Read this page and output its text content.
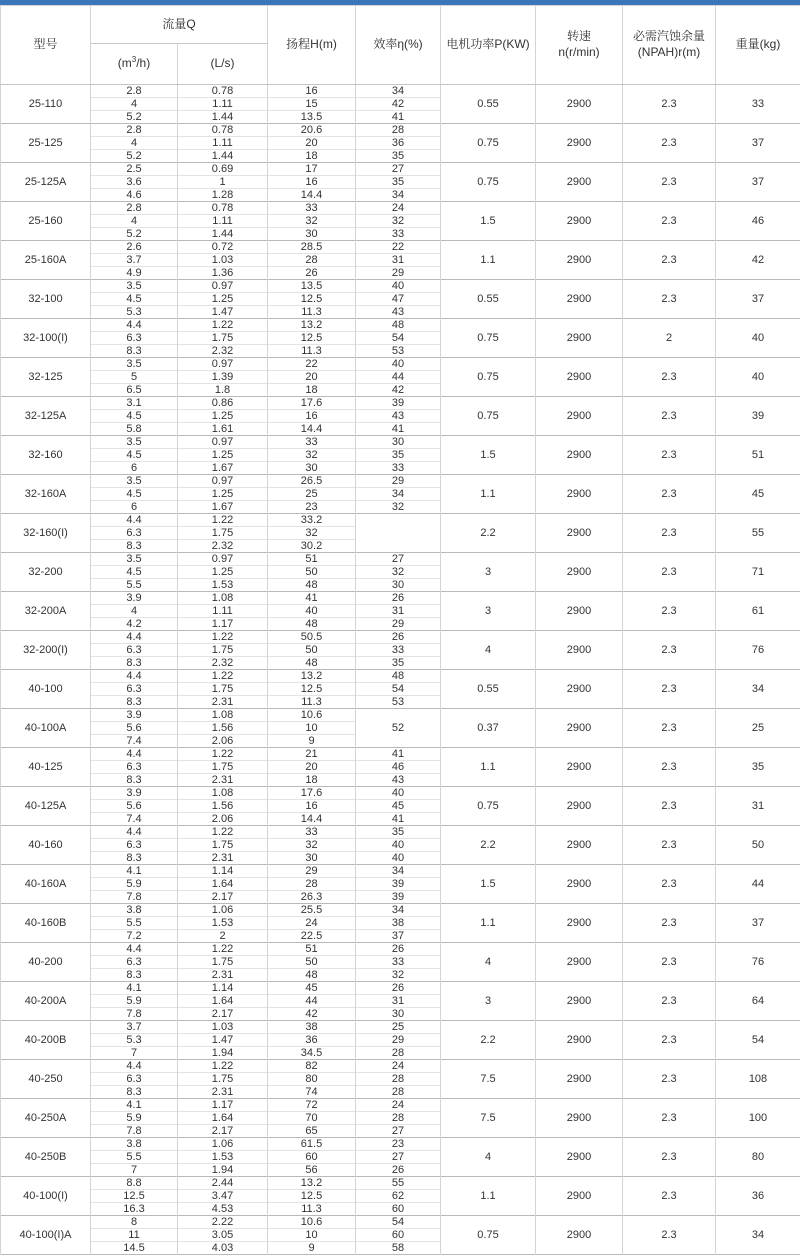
型号	流量Q		扬程H(m)	效率η(%)	电机功率P(KW)	转速
n(r/min)	必需汽蚀余量
(NPAH)r(m)	重量(kg)
	$(m^3/h)$	(L/s)						
25-110	2.8	0.78	16	34	0.55	2900	2.3	33
	4	1.11	15	42				
	5.2	1.44	13.5	41				
25-125	2.8	0.78	20.6	28	0.75	2900	2.3	37
	4	1.11	20	36				
	5.2	1.44	18	35				
25-125A	2.5	0.69	17	27	0.75	2900	2.3	37
	3.6	1	16	35				
	4.6	1.28	14.4	34				
25-160	2.8	0.78	33	24	1.5	2900	2.3	46
	4	1.11	32	32				
	5.2	1.44	30	33				
25-160A	2.6	0.72	28.5	22	1.1	2900	2.3	42
	3.7	1.03	28	31				
	4.9	1.36	26	29				
32-100	3.5	0.97	13.5	40	0.55	2900	2.3	37
	4.5	1.25	12.5	47				
	5.3	1.47	11.3	43				
32-100(I)	4.4	1.22	13.2	48	0.75	2900	2	40
	6.3	1.75	12.5	54				
	8.3	2.32	11.3	53				
32-125	3.5	0.97	22	40	0.75	2900	2.3	40
	5	1.39	20	44				
	6.5	1.8	18	42				
32-125A	3.1	0.86	17.6	39	0.75	2900	2.3	39
	4.5	1.25	16	43				
	5.8	1.61	14.4	41				
32-160	3.5	0.97	33	30	1.5	2900	2.3	51
	4.5	1.25	32	35				
	6	1.67	30	33				
32-160A	3.5	0.97	26.5	29	1.1	2900	2.3	45
	4.5	1.25	25	34				
	6	1.67	23	32				
32-160(I)	4.4	1.22	33.2		2.2	2900	2.3	55
	6.3	1.75	32					
	8.3	2.32	30.2					
32-200	3.5	0.97	51	27	3	2900	2.3	71
	4.5	1.25	50	32				
	5.5	1.53	48	30				
32-200A	3.9	1.08	41	26	3	2900	2.3	61
	4	1.11	40	31				
	4.2	1.17	48	29				
32-200(I)	4.4	1.22	50.5	26	4	2900	2.3	76
	6.3	1.75	50	33				
	8.3	2.32	48	35				
40-100	4.4	1.22	13.2	48	0.55	2900	2.3	34
	6.3	1.75	12.5	54				
	8.3	2.31	11.3	53				
40-100A	3.9	1.08	10.6	52	0.37	2900	2.3	25
	5.6	1.56	10					
	7.4	2.06	9					
40-125	4.4	1.22	21	41	1.1	2900	2.3	35
	6.3	1.75	20	46				
	8.3	2.31	18	43				
40-125A	3.9	1.08	17.6	40	0.75	2900	2.3	31
	5.6	1.56	16	45				
	7.4	2.06	14.4	41				
40-160	4.4	1.22	33	35	2.2	2900	2.3	50
	6.3	1.75	32	40				
	8.3	2.31	30	40				
40-160A	4.1	1.14	29	34	1.5	2900	2.3	44
	5.9	1.64	28	39				
	7.8	2.17	26.3	39				
40-160B	3.8	1.06	25.5	34	1.1	2900	2.3	37
	5.5	1.53	24	38				
	7.2	2	22.5	37				
40-200	4.4	1.22	51	26	4	2900	2.3	76
	6.3	1.75	50	33				
	8.3	2.31	48	32				
40-200A	4.1	1.14	45	26	3	2900	2.3	64
	5.9	1.64	44	31				
	7.8	2.17	42	30				
40-200B	3.7	1.03	38	25	2.2	2900	2.3	54
	5.3	1.47	36	29				
	7	1.94	34.5	28				
40-250	4.4	1.22	82	24	7.5	2900	2.3	108
	6.3	1.75	80	28				
	8.3	2.31	74	28				
40-250A	4.1	1.17	72	24	7.5	2900	2.3	100
	5.9	1.64	70	28				
	7.8	2.17	65	27				
40-250B	3.8	1.06	61.5	23	4	2900	2.3	80
	5.5	1.53	60	27				
	7	1.94	56	26				
40-100(I)	8.8	2.44	13.2	55	1.1	2900	2.3	36
	12.5	3.47	12.5	62				
	16.3	4.53	11.3	60				
40-100(I)A	8	2.22	10.6	54	0.75	2900	2.3	34
	11	3.05	10	60				
	14.5	4.03	9	58				
